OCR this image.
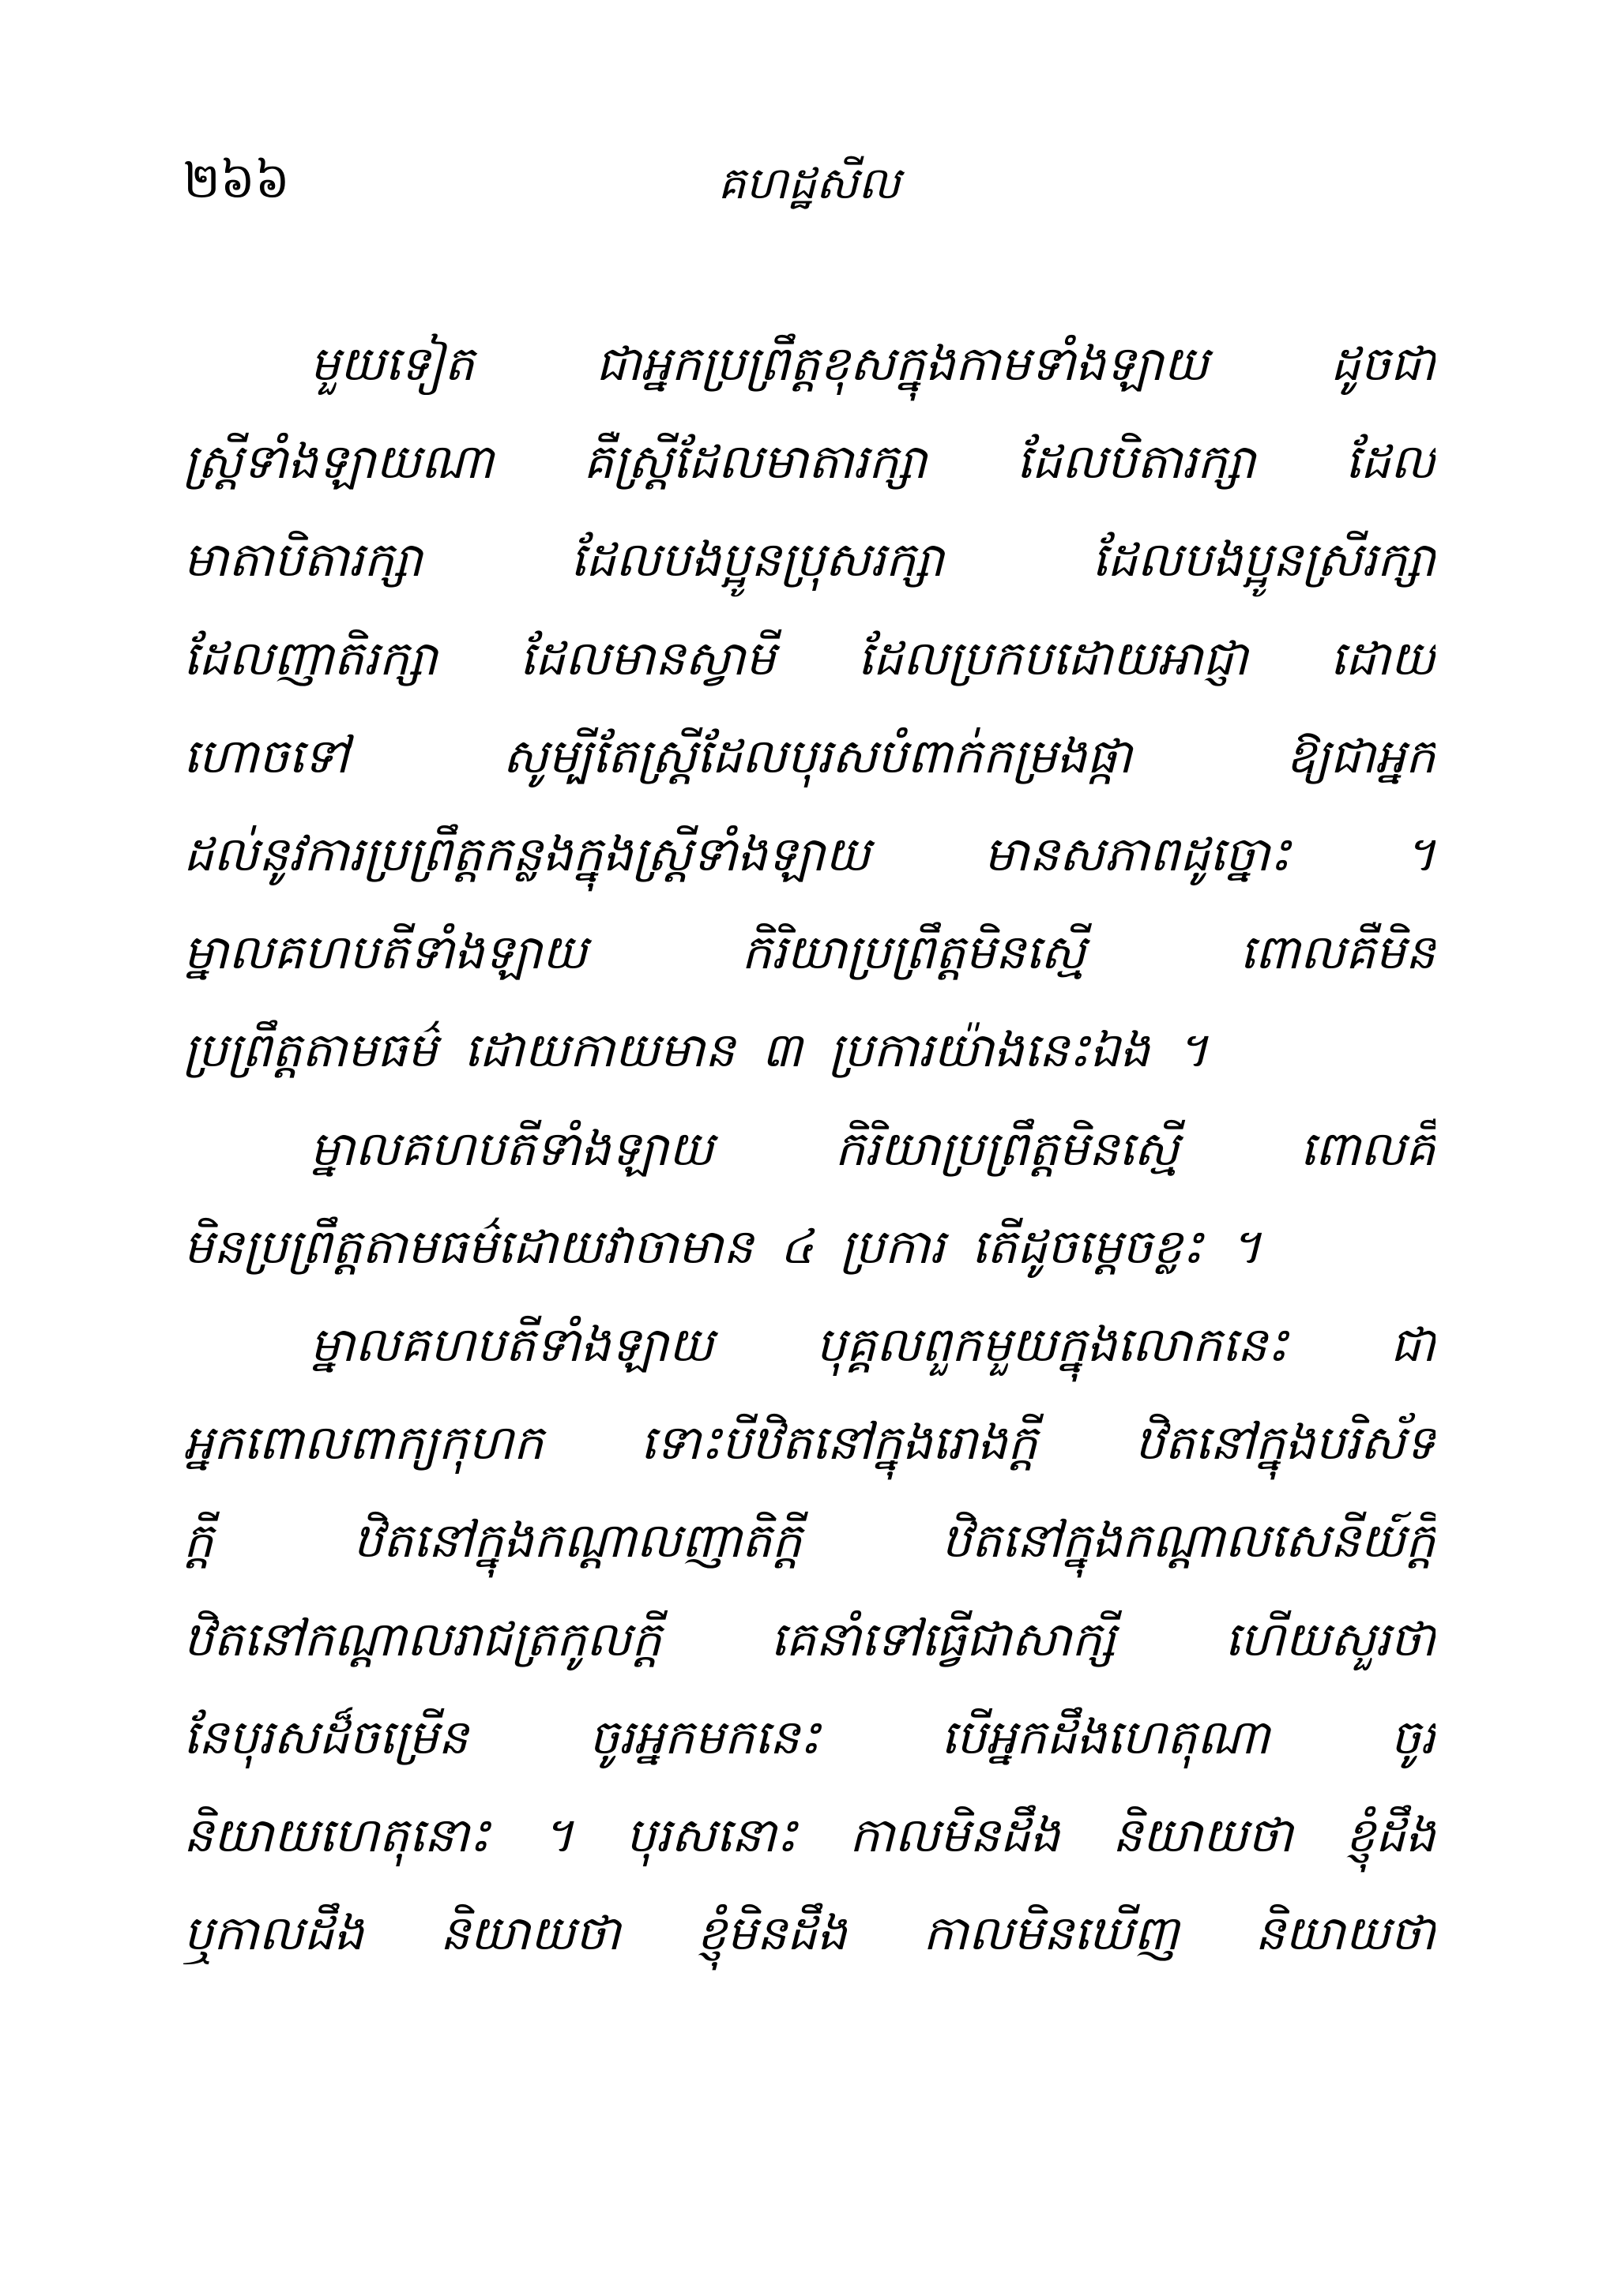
២៦៦	គហដ្ឋសីល
មួយទៀត	ជាអ្នកប្រព្រឹត្តខុសក្នុងកាមទាំងឡាយ	ដូចជា
ស្ត្រីទាំងឡាយណា គឺស្ត្រីដែលមាតារក្សា ដែលបិតារក្សា ដែល
មាតាបិតារក្សា	ដែលបងប្អូនប្រុសរក្សា	ដែលបងប្អូនស្រីរក្សា
ដែលញាតិរក្សា ដែលមានស្វាមី ដែលប្រកបដោយអាជ្ញា ដោយ
ហោចទៅ	សូម្បីតែស្ត្រីដែលបុរសបំពាក់កម្រងផ្កា	ឱ្យជាអ្នក
ដល់នូវការប្រព្រឹត្តកន្លងក្នុងស្ត្រីទាំងឡាយ មានសភាពដូច្នោះ ។
ម្នាលគហបតីទាំងឡាយ	កិរិយាប្រព្រឹត្តមិនស្មើ	ពោលគឺមិន
ប្រព្រឹត្តតាមធម៌ ដោយកាយមាន ៣ ប្រការយ៉ាងនេះឯង ។
ម្នាលគហបតីទាំងឡាយ	កិរិយាប្រព្រឹត្តមិនស្មើ	ពោលគឺ
មិនប្រព្រឹត្តតាមធម៌ដោយវាចាមាន ៤ ប្រការ តើដូចម្តេចខ្លះ ។
ម្នាលគហបតីទាំងឡាយ បុគ្គលពួកមួយក្នុងលោកនេះ ជា
អ្នកពោលពាក្យកុហក ទោះបីឋិតនៅក្នុងរោងក្តី ឋិតនៅក្នុងបរិស័ទ
ក្តី	ឋិតនៅក្នុងកណ្តាលញាតិក្តី	ឋិតនៅក្នុងកណ្តាលសេនីយ៍ក្តី
ឋិតនៅកណ្តាលរាជត្រកូលក្តី គេនាំទៅធ្វើជាសាក្សី ហើយសួរថា
នែបុរសដ៏ចម្រើន	ចូរអ្នកមកនេះ	បើអ្នកដឹងហេតុណា	ចូរ
និយាយហេតុនោះ ។ បុរសនោះ កាលមិនដឹង និយាយថា ខ្ញុំដឹង
ឬកាលដឹង និយាយថា ខ្ញុំមិនដឹង កាលមិនឃើញ និយាយថា
